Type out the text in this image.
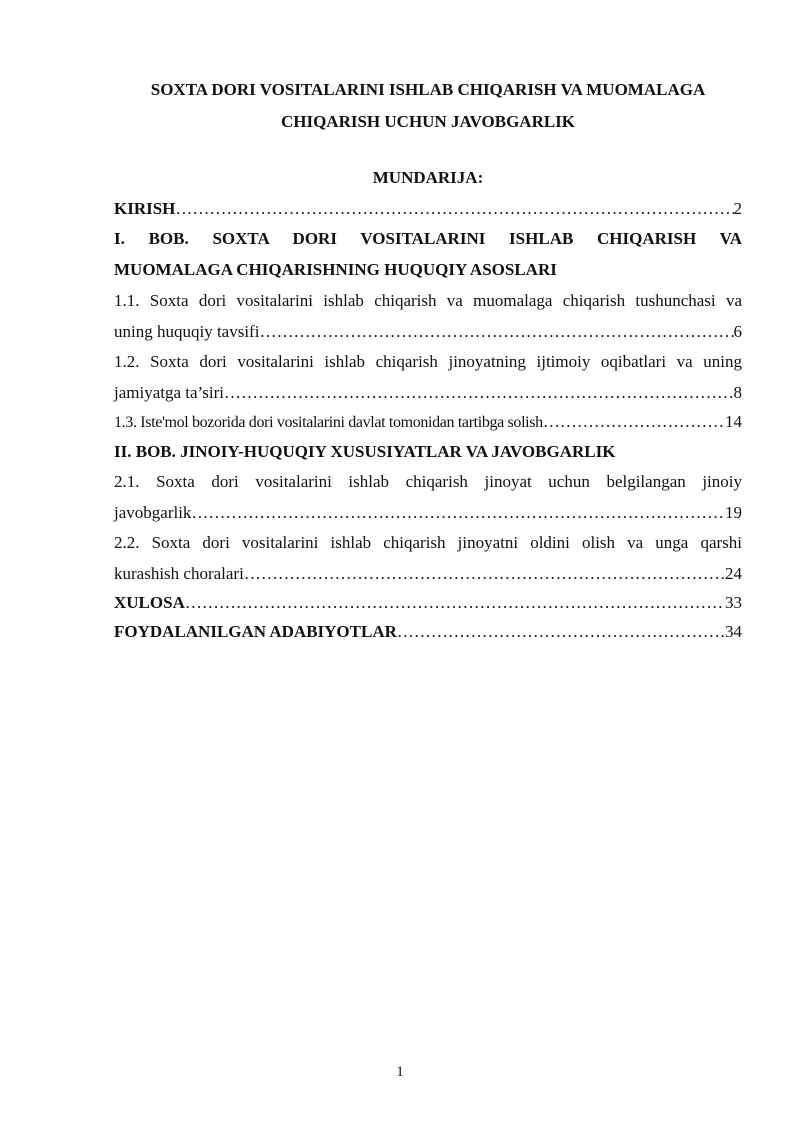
SOXTA DORI VOSITALARINI ISHLAB CHIQARISH VA MUOMALAGA
CHIQARISH UCHUN JAVOBGARLIK

MUNDARIJA:

KIRISH ……………………………………………………………………………………………………………………………………………………………………………………	2
I. BOB. SOXTA DORI VOSITALARINI ISHLAB CHIQARISH VA
MUOMALAGA CHIQARISHNING HUQUQIY ASOSLARI
1.1. Soxta dori vositalarini ishlab chiqarish va muomalaga chiqarish tushunchasi va
uning huquqiy tavsifi ……………………………………………………………………………………………………………………………………………………………………………………	6
1.2. Soxta dori vositalarini ishlab chiqarish jinoyatning ijtimoiy oqibatlari va uning
jamiyatga ta’siri ……………………………………………………………………………………………………………………………………………………………………………………	8
1.3. Iste'mol bozorida dori vositalarini davlat tomonidan tartibga solish ……………………………………………………………………………………………………………………………………………………………………………………	14
II. BOB. JINOIY-HUQUQIY XUSUSIYATLAR VA JAVOBGARLIK
2.1. Soxta dori vositalarini ishlab chiqarish jinoyat uchun belgilangan jinoiy
javobgarlik ……………………………………………………………………………………………………………………………………………………………………………………	19
2.2. Soxta dori vositalarini ishlab chiqarish jinoyatni oldini olish va unga qarshi
kurashish choralari ……………………………………………………………………………………………………………………………………………………………………………………	24
XULOSA ……………………………………………………………………………………………………………………………………………………………………………………	33
FOYDALANILGAN ADABIYOTLAR ……………………………………………………………………………………………………………………………………………………………………………………	34
1
